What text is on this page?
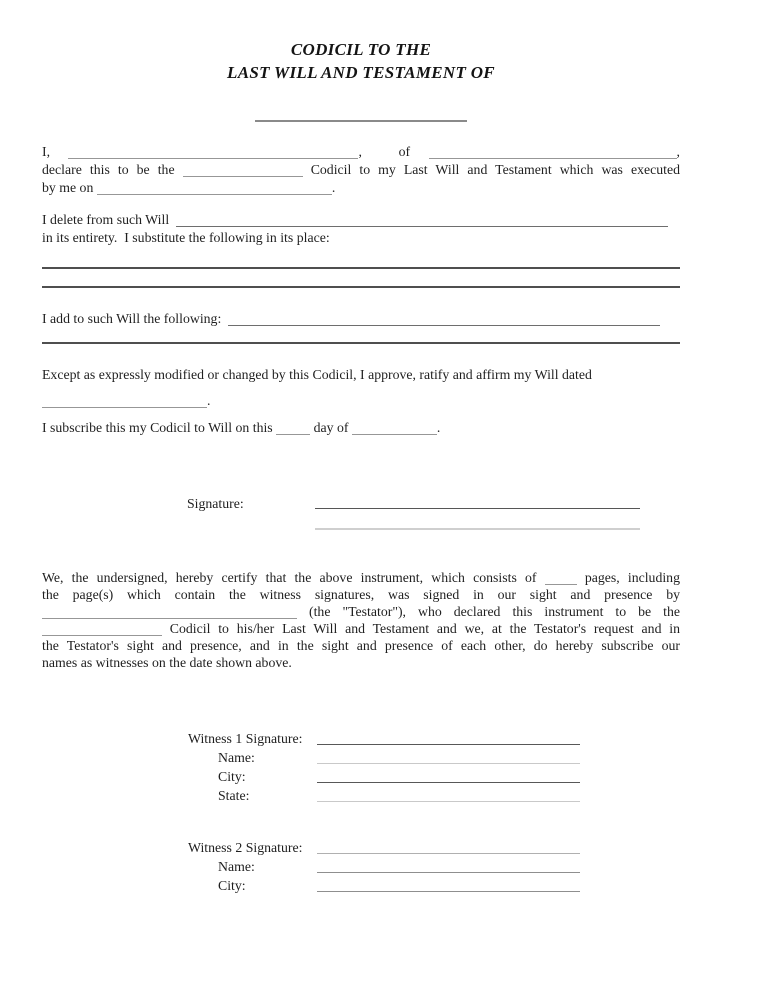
CODICIL TO THE
LAST WILL AND TESTAMENT OF
I,	,  of	,
declare this to be the	Codicil to my Last Will and Testament which was executed
by me on	.
I delete from such Will
in its entirety.  I substitute the following in its place:
I add to such Will the following:
Except as expressly modified or changed by this Codicil, I approve, ratify and affirm my Will dated
.
I subscribe this my Codicil to Will on this	day of	.
Signature:
We, the undersigned, hereby certify that the above instrument, which consists of	pages, including
the page(s) which contain the witness signatures, was signed in our sight and presence by
(the "Testator"), who declared this instrument to be the
Codicil to his/her Last Will and Testament and we, at the Testator's request and in
the Testator's sight and presence, and in the sight and presence of each other, do hereby subscribe our
names as witnesses on the date shown above.
Witness 1 Signature:
Name:
City:
State:
Witness 2 Signature:
Name:
City:
